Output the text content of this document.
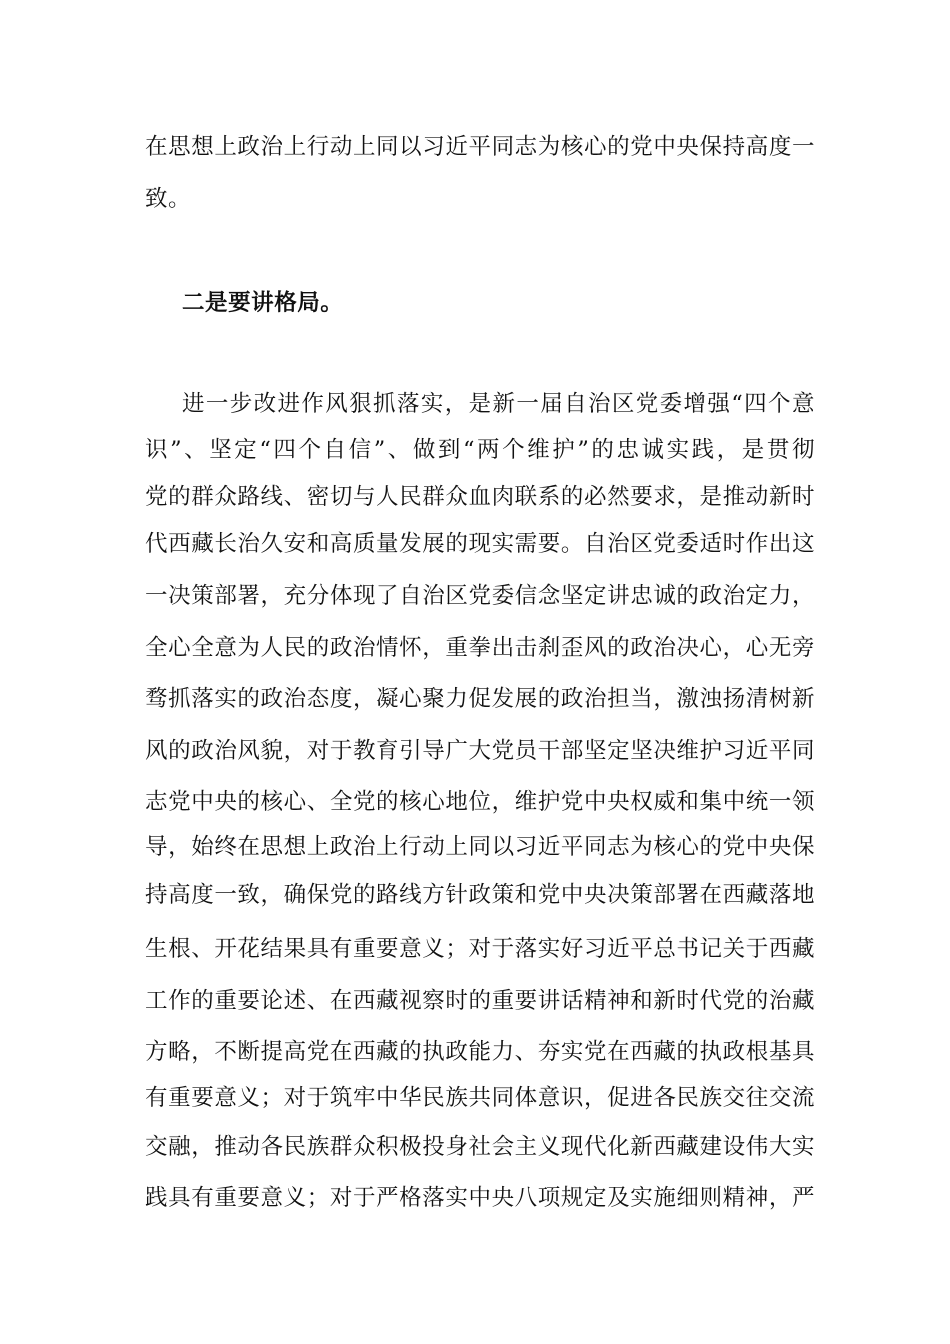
在思想上政治上行动上同以习近平同志为核心的党中央保持高度一
致。
二是要讲格局。
进一步改进作风狠抓落实，是新一届自治区党委增强“四个意
识”、坚定“四个自信”、做到“两个维护”的忠诚实践，是贯彻
党的群众路线、密切与人民群众血肉联系的必然要求，是推动新时
代西藏长治久安和高质量发展的现实需要。自治区党委适时作出这
一决策部署，充分体现了自治区党委信念坚定讲忠诚的政治定力，
全心全意为人民的政治情怀，重拳出击刹歪风的政治决心，心无旁
骛抓落实的政治态度，凝心聚力促发展的政治担当，激浊扬清树新
风的政治风貌，对于教育引导广大党员干部坚定坚决维护习近平同
志党中央的核心、全党的核心地位，维护党中央权威和集中统一领
导，始终在思想上政治上行动上同以习近平同志为核心的党中央保
持高度一致，确保党的路线方针政策和党中央决策部署在西藏落地
生根、开花结果具有重要意义；对于落实好习近平总书记关于西藏
工作的重要论述、在西藏视察时的重要讲话精神和新时代党的治藏
方略，不断提高党在西藏的执政能力、夯实党在西藏的执政根基具
有重要意义；对于筑牢中华民族共同体意识，促进各民族交往交流
交融，推动各民族群众积极投身社会主义现代化新西藏建设伟大实
践具有重要意义；对于严格落实中央八项规定及实施细则精神，严
